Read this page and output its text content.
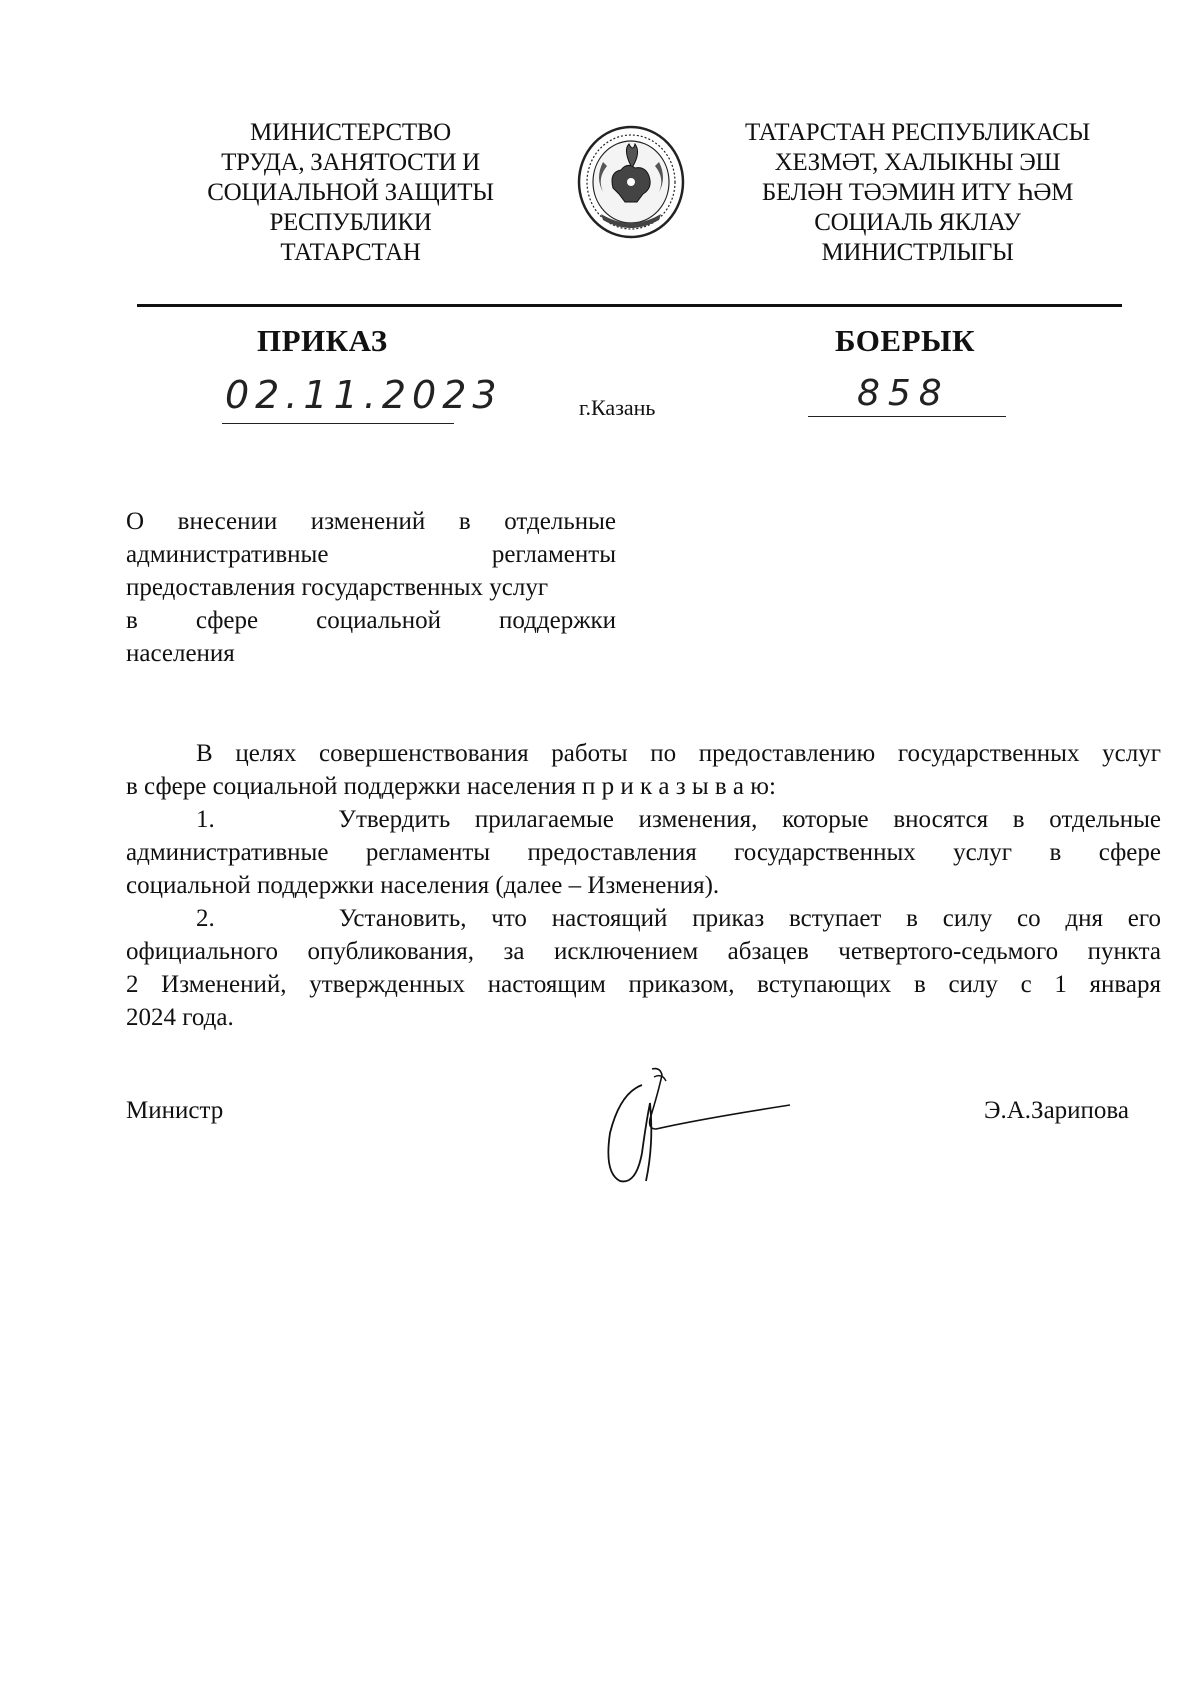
МИНИСТЕРСТВО
ТРУДА, ЗАНЯТОСТИ И
СОЦИАЛЬНОЙ ЗАЩИТЫ
РЕСПУБЛИКИ
ТАТАРСТАН
ТАТАРСТАН РЕСПУБЛИКАСЫ
ХЕЗМӘТ, ХАЛЫКНЫ ЭШ
БЕЛӘН ТӘЭМИН ИТҮ ҺӘМ
СОЦИАЛЬ ЯКЛАУ
МИНИСТРЛЫГЫ
ПРИКАЗ	БОЕРЫК
02.11.2023	г.Казань	858
О внесении изменений в отдельные
административные регламенты
предоставления государственных услуг
в сфере социальной поддержки
населения
В целях совершенствования работы по предоставлению государственных услуг
в сфере социальной поддержки населения п р и к а з ы в а ю:
1.     Утвердить прилагаемые изменения, которые вносятся в отдельные
административные регламенты предоставления государственных услуг в сфере
социальной поддержки населения (далее – Изменения).
2.     Установить, что настоящий приказ вступает в силу со дня его
официального опубликования, за исключением абзацев четвертого-седьмого пункта
2 Изменений, утвержденных настоящим приказом, вступающих в силу с 1 января
2024 года.
Министр	Э.А.Зарипова
